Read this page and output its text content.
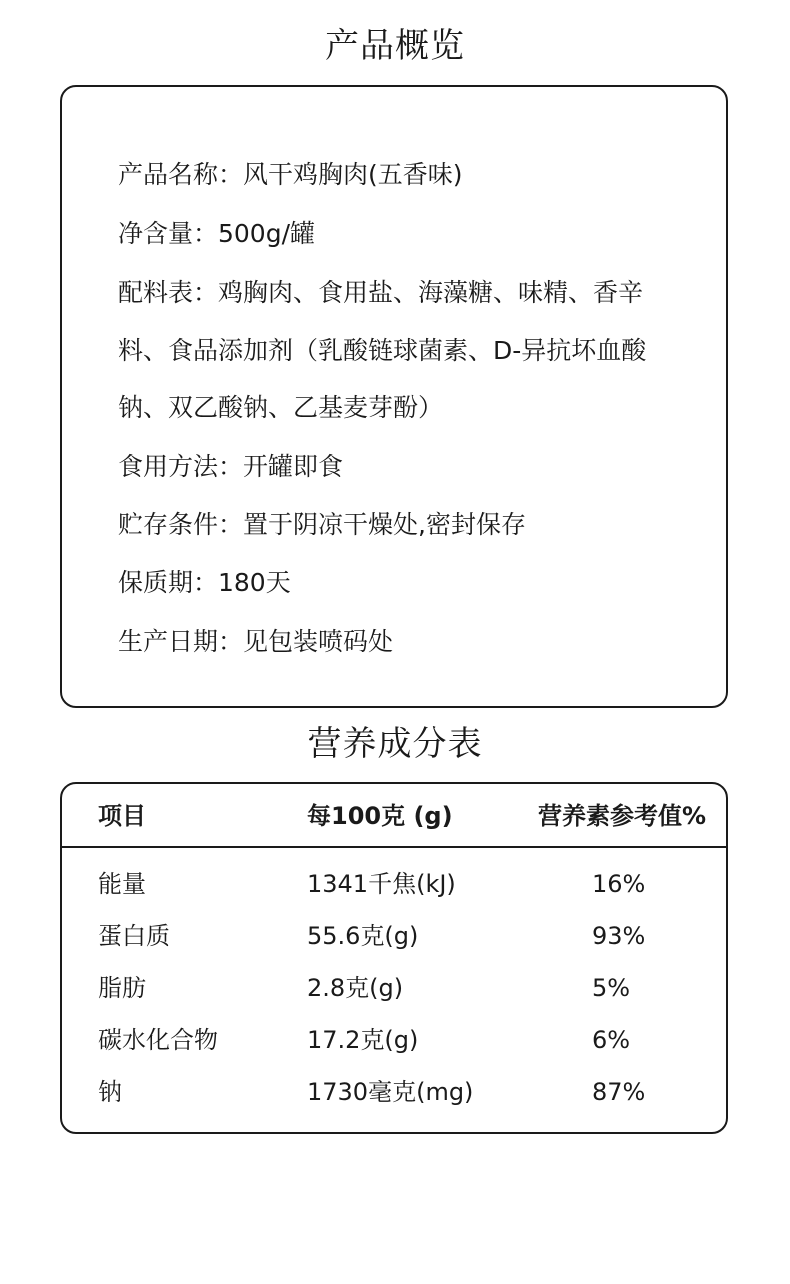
产品概览
产品名称：风干鸡胸肉(五香味)
净含量：500g/罐
配料表：鸡胸肉、食用盐、海藻糖、味精、香辛
料、食品添加剂（乳酸链球菌素、D-异抗坏血酸
钠、双乙酸钠、乙基麦芽酚）
食用方法：开罐即食
贮存条件：置于阴凉干燥处,密封保存
保质期：180天
生产日期：见包装喷码处
营养成分表
项目	每100克 (g)	营养素参考值%
能量	1341千焦(kJ)	16%
蛋白质	55.6克(g)	93%
脂肪	2.8克(g)	5%
碳水化合物	17.2克(g)	6%
钠	1730毫克(mg)	87%
